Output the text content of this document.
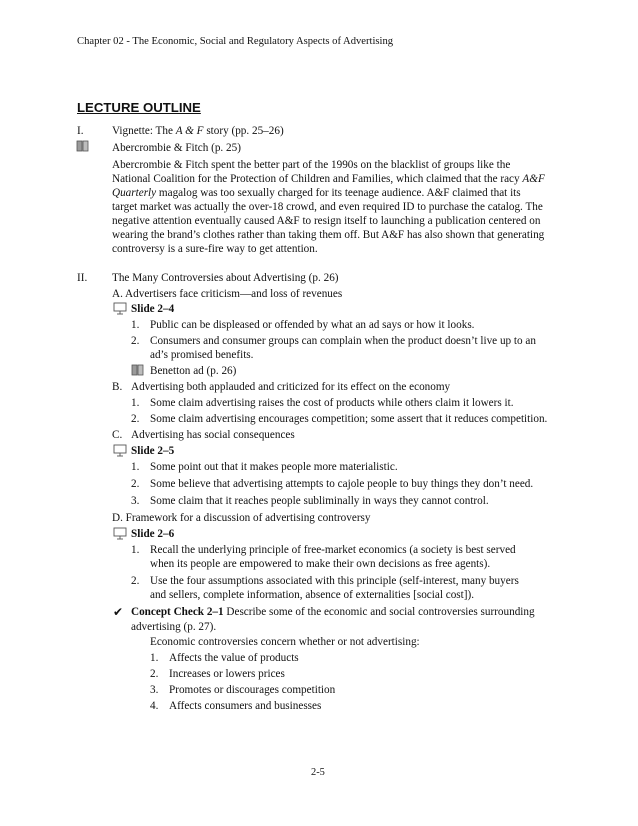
Chapter 02 - The Economic, Social and Regulatory Aspects of Advertising
LECTURE OUTLINE
I.	Vignette: The A & F story (pp. 25–26)
Abercrombie & Fitch (p. 25)
Abercrombie & Fitch spent the better part of the 1990s on the blacklist of groups like the
National Coalition for the Protection of Children and Families, which claimed that the racy A&F
Quarterly magalog was too sexually charged for its teenage audience. A&F claimed that its
target market was actually the over-18 crowd, and even required ID to purchase the catalog. The
negative attention eventually caused A&F to resign itself to launching a publication centered on
wearing the brand’s clothes rather than taking them off. But A&F has also shown that generating
controversy is a sure-fire way to get attention.
II. The Many Controversies about Advertising (p. 26)
A. Advertisers face criticism—and loss of revenues
Slide 2–4
1. Public can be displeased or offended by what an ad says or how it looks.
2. Consumers and consumer groups can complain when the product doesn’t live up to an
ad’s promised benefits.
Benetton ad (p. 26)
B. Advertising both applauded and criticized for its effect on the economy
1. Some claim advertising raises the cost of products while others claim it lowers it.
2. Some claim advertising encourages competition; some assert that it reduces competition.
C. Advertising has social consequences
Slide 2–5
1. Some point out that it makes people more materialistic.
2. Some believe that advertising attempts to cajole people to buy things they don’t need.
3. Some claim that it reaches people subliminally in ways they cannot control.
D. Framework for a discussion of advertising controversy
Slide 2–6
1. Recall the underlying principle of free-market economics (a society is best served
when its people are empowered to make their own decisions as free agents).
2. Use the four assumptions associated with this principle (self-interest, many buyers
and sellers, complete information, absence of externalities [social cost]).
✔ Concept Check 2–1 Describe some of the economic and social controversies surrounding
advertising (p. 27).
Economic controversies concern whether or not advertising:
1. Affects the value of products
2. Increases or lowers prices
3. Promotes or discourages competition
4. Affects consumers and businesses
2-5
